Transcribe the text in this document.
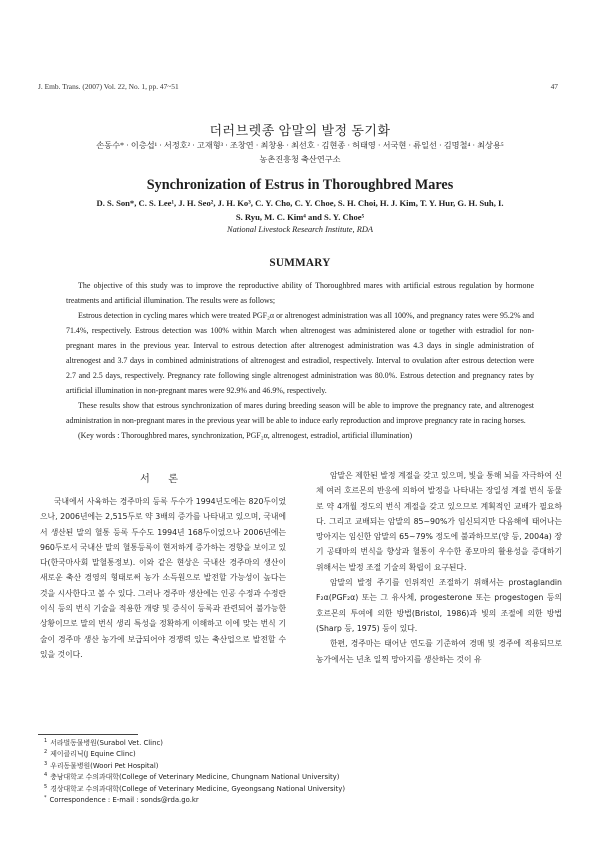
J. Emb. Trans. (2007) Vol. 22, No. 1, pp. 47~51	47
더러브렛종 암말의 발정 동기화
손동수* · 이층섭¹ · 서정호² · 고재형³ · 조창연 · 최창용 · 최선호 · 김현종 · 허태영 · 서국현 · 류일선 · 김명철⁴ · 최상용⁵
농촌진흥청 축산연구소
Synchronization of Estrus in Thoroughbred Mares
D. S. Son*, C. S. Lee¹, J. H. Seo², J. H. Ko³, C. Y. Cho, C. Y. Choe, S. H. Choi, H. J. Kim, T. Y. Hur, G. H. Suh, I. S. Ryu, M. C. Kim⁴ and S. Y. Choe⁵
National Livestock Research Institute, RDA
SUMMARY

The objective of this study was to improve the reproductive ability of Thoroughbred mares with artificial estrous regulation by hormone treatments and artificial illumination. The results were as follows;

Estrous detection in cycling mares which were treated PGF₂α or altrenogest administration was all 100%, and pregnancy rates were 95.2% and 71.4%, respectively. Estrous detection was 100% within March when altrenogest was administered alone or together with estradiol for non-pregnant mares in the previous year. Interval to estrous detection after altrenogest administration was 4.3 days in single administration of altrenogest and 3.7 days in combined administrations of altrenogest and estradiol, respectively. Interval to ovulation after estrous detection were 2.7 and 2.5 days, respectively. Pregnancy rate following single altrenogest administration was 80.0%. Estrous detection and pregnancy rates by artificial illumination in non-pregnant mares were 92.9% and 46.9%, respectively.

These results show that estrous synchronization of mares during breeding season will be able to improve the pregnancy rate, and altrenogest administration in non-pregnant mares in the previous year will be able to induce early reproduction and improve pregnancy rate in racing horses.

(Key words : Thoroughbred mares, synchronization, PGF₂α, altrenogest, estradiol, artificial illumination)

서 론

국내에서 사육하는 경주마의 등록 두수가 1994년도에는 820두이었으나, 2006년에는 2,515두로 약 3배의 증가를 나타내고 있으며, 국내에서 생산된 말의 혈통 등록 두수도 1994년 168두이었으나 2006년에는 960두로서 국내산 말의 혈통등록이 현저하게 증가하는 경향을 보이고 있다(한국마사회 말혈통정보). 이와 같은 현상은 국내산 경주마의 생산이 새로운 축산 경영의 형태로써 농가 소득원으로 발전할 가능성이 높다는 것을 시사한다고 볼 수 있다. 그러나 경주마 생산에는 인공 수정과 수정란 이식 등의 번식 기술을 적용한 개량 및 증식이 등록과 관련되어 불가능한 상황이므로 말의 번식 생리 특성을 정확하게 이해하고 이에 맞는 번식 기술이 경주마 생산 농가에 보급되어야 경쟁력 있는 축산업으로 발전할 수 있을 것이다.

암말은 제한된 발정 계절을 갖고 있으며, 빛을 통해 뇌를 자극하여 신체 여러 호르몬의 반응에 의하여 발정을 나타내는 장일성 계절 번식 동물로 약 4개월 정도의 번식 계절을 갖고 있으므로 계획적인 교배가 필요하다. 그리고 교배되는 암말의 85~90%가 임신되지만 다음해에 태어나는 망아지는 임신한 암말의 65~79% 정도에 불과하므로(양 등, 2004a) 장기 공태마의 번식을 향상과 혈통이 우수한 종모마의 활용성을 증대하기 위해서는 발정 조절 기술의 확립이 요구된다.

암말의 발정 주기를 인위적인 조절하기 위해서는 prostaglandin F₂α(PGF₂α) 또는 그 유사체, progesterone 또는 progestogen 등의 호르몬의 투여에 의한 방법(Bristol, 1986)과 빛의 조절에 의한 방법(Sharp 등, 1975) 등이 있다.

한편, 경주마는 태어난 연도를 기준하여 경매 및 경주에 적용되므로 농가에서는 년초 일찍 망아지를 생산하는 것이 유

$^1$ 서라벌동물병원(Surabol Vet. Clinc)
$^2$ 제이클리닉(J Equine Clinc)
$^3$ 우리동물병원(Woori Pet Hospital)
$^4$ 충남대학교 수의과대학(College of Veterinary Medicine, Chungnam National University)
$^5$ 경상대학교 수의과대학(College of Veterinary Medicine, Gyeongsang National University)
* Correspondence : E-mail : sonds@rda.go.kr
